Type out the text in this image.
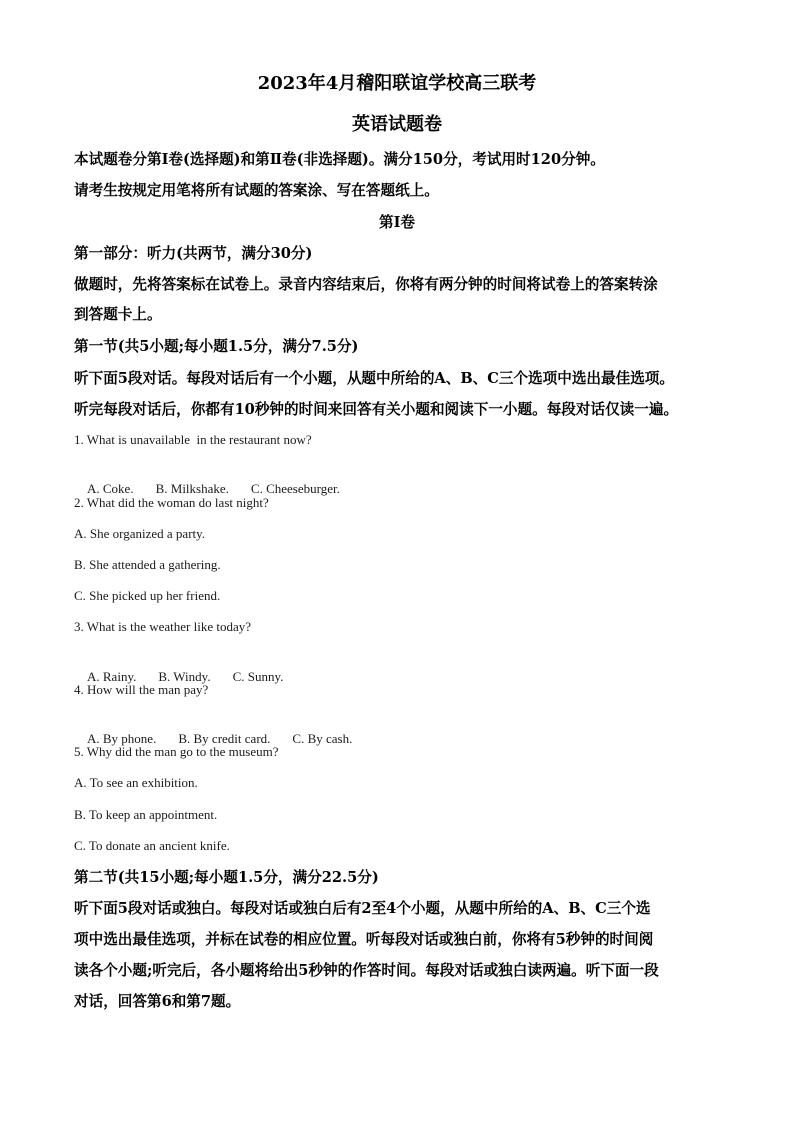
2023年4月稽阳联谊学校高三联考
英语试题卷
本试题卷分第Ⅰ卷(选择题)和第Ⅱ卷(非选择题)。满分150分，考试用时120分钟。
请考生按规定用笔将所有试题的答案涂、写在答题纸上。
第Ⅰ卷
第一部分：听力(共两节，满分30分)
做题时，先将答案标在试卷上。录音内容结束后，你将有两分钟的时间将试卷上的答案转涂
到答题卡上。
第一节(共5小题;每小题1.5分，满分7.5分)
听下面5段对话。每段对话后有一个小题，从题中所给的A、B、C三个选项中选出最佳选项。
听完每段对话后，你都有10秒钟的时间来回答有关小题和阅读下一小题。每段对话仅读一遍。
1. What is unavailable  in the restaurant now?

A. Coke. B. Milkshake. C. Cheeseburger.

2. What did the woman do last night?
A. She organized a party.
B. She attended a gathering.
C. She picked up her friend.
3. What is the weather like today?

A. Rainy. B. Windy. C. Sunny.

4. How will the man pay?

A. By phone. B. By credit card. C. By cash.

5. Why did the man go to the museum?
A. To see an exhibition.
B. To keep an appointment.
C. To donate an ancient knife.
第二节(共15小题;每小题1.5分，满分22.5分)
听下面5段对话或独白。每段对话或独白后有2至4个小题，从题中所给的A、B、C三个选
项中选出最佳选项，并标在试卷的相应位置。听每段对话或独白前，你将有5秒钟的时间阅
读各个小题;听完后，各小题将给出5秒钟的作答时间。每段对话或独白读两遍。听下面一段
对话，回答第6和第7题。
